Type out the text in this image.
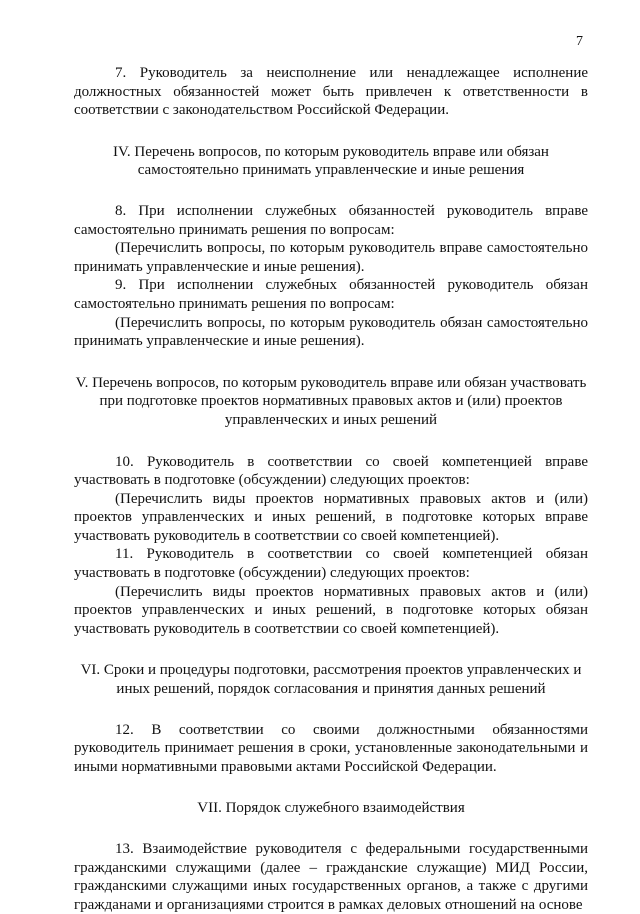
7

7. Руководитель за неисполнение или ненадлежащее исполнение должностных обязанностей может быть привлечен к ответственности в соответствии с законодательством Российской Федерации.

IV. Перечень вопросов, по которым руководитель вправе или обязан самостоятельно принимать управленческие и иные решения

8. При исполнении служебных обязанностей руководитель вправе самостоятельно принимать решения по вопросам:

(Перечислить вопросы, по которым руководитель вправе самостоятельно принимать управленческие и иные решения).

9. При исполнении служебных обязанностей руководитель обязан самостоятельно принимать решения по вопросам:

(Перечислить вопросы, по которым руководитель обязан самостоятельно принимать управленческие и иные решения).

V. Перечень вопросов, по которым руководитель вправе или обязан участвовать при подготовке проектов нормативных правовых актов и (или) проектов управленческих и иных решений

10. Руководитель в соответствии со своей компетенцией вправе участвовать в подготовке (обсуждении) следующих проектов:

(Перечислить виды проектов нормативных правовых актов и (или) проектов управленческих и иных решений, в подготовке которых вправе участвовать руководитель в соответствии со своей компетенцией).

11. Руководитель в соответствии со своей компетенцией обязан участвовать в подготовке (обсуждении) следующих проектов:

(Перечислить виды проектов нормативных правовых актов и (или) проектов управленческих и иных решений, в подготовке которых обязан участвовать руководитель в соответствии со своей компетенцией).

VI. Сроки и процедуры подготовки, рассмотрения проектов управленческих и иных решений, порядок согласования и принятия данных решений

12. В соответствии со своими должностными обязанностями руководитель принимает решения в сроки, установленные законодательными и иными нормативными правовыми актами Российской Федерации.

VII. Порядок служебного взаимодействия

13. Взаимодействие руководителя с федеральными государственными гражданскими служащими (далее – гражданские служащие) МИД России, гражданскими служащими иных государственных органов, а также с другими гражданами и организациями строится в рамках деловых отношений на основе
